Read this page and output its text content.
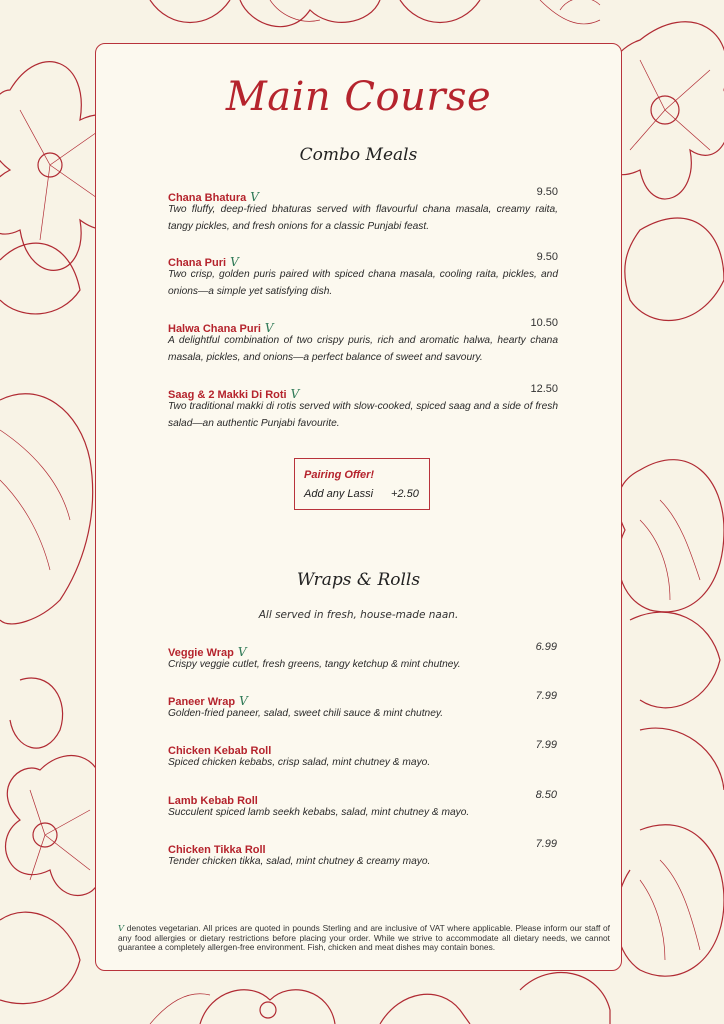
Main Course
Combo Meals
Chana Bhatura V	9.50
Two fluffy, deep-fried bhaturas served with flavourful chana masala, creamy raita, tangy pickles, and fresh onions for a classic Punjabi feast.
Chana Puri V	9.50
Two crisp, golden puris paired with spiced chana masala, cooling raita, pickles, and onions—a simple yet satisfying dish.
Halwa Chana Puri V	10.50
A delightful combination of two crispy puris, rich and aromatic halwa, hearty chana masala, pickles, and onions—a perfect balance of sweet and savoury.
Saag & 2 Makki Di Roti V	12.50
Two traditional makki di rotis served with slow-cooked, spiced saag and a side of fresh salad—an authentic Punjabi favourite.
Pairing Offer!
Add any Lassi +2.50
Wraps & Rolls
All served in fresh, house-made naan.
Veggie Wrap V	6.99
Crispy veggie cutlet, fresh greens, tangy ketchup & mint chutney.
Paneer Wrap V	7.99
Golden-fried paneer, salad, sweet chili sauce & mint chutney.
Chicken Kebab Roll	7.99
Spiced chicken kebabs, crisp salad, mint chutney & mayo.
Lamb Kebab Roll	8.50
Succulent spiced lamb seekh kebabs, salad, mint chutney & mayo.
Chicken Tikka Roll	7.99
Tender chicken tikka, salad, mint chutney & creamy mayo.
V denotes vegetarian. All prices are quoted in pounds Sterling and are inclusive of VAT where applicable. Please inform our staff of any food allergies or dietary restrictions before placing your order. While we strive to accommodate all dietary needs, we cannot guarantee a completely allergen-free environment. Fish, chicken and meat dishes may contain bones.
